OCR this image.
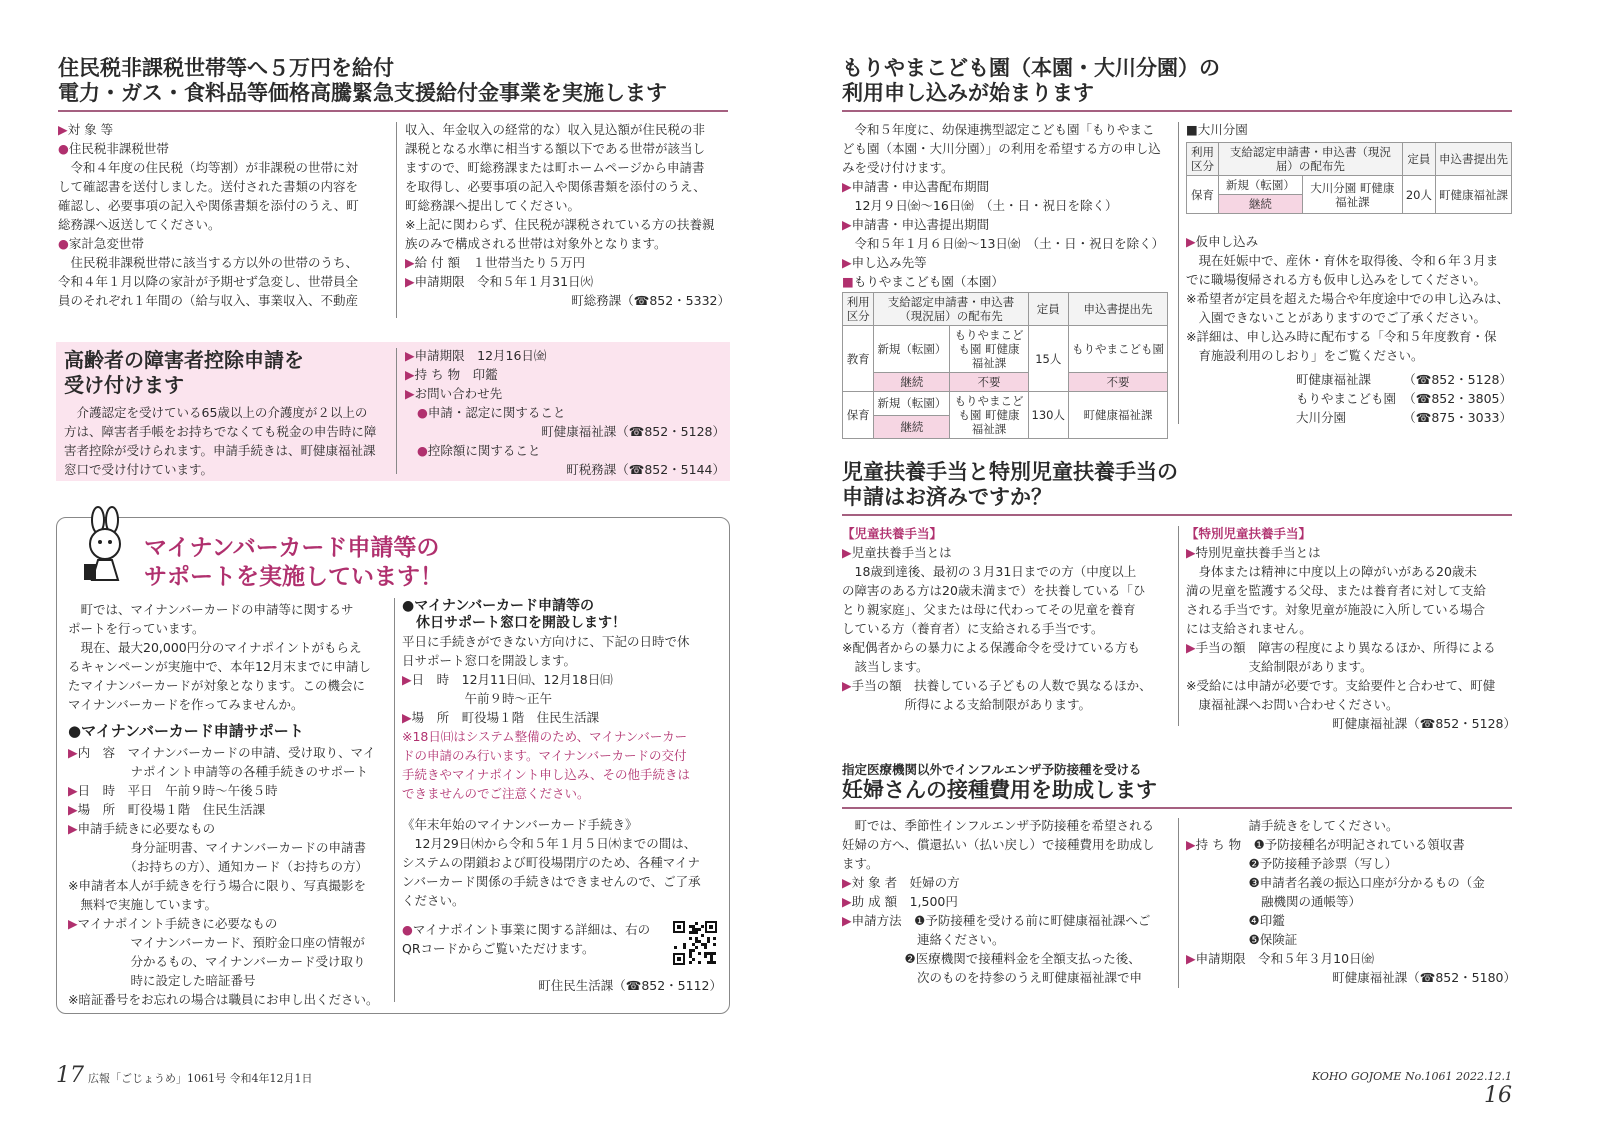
住民税非課税世帯等へ５万円を給付
電力・ガス・食料品等価格高騰緊急支援給付金事業を実施します

▶対 象 等

●住民税非課税世帯

　令和４年度の住民税（均等割）が非課税の世帯に対

して確認書を送付しました。送付された書類の内容を

確認し、必要事項の記入や関係書類を添付のうえ、町

総務課へ返送してください。

●家計急変世帯

　住民税非課税世帯に該当する方以外の世帯のうち、

令和４年１月以降の家計が予期せず急変し、世帯員全

員のそれぞれ１年間の（給与収入、事業収入、不動産

収入、年金収入の経常的な）収入見込額が住民税の非

課税となる水準に相当する額以下である世帯が該当し

ますので、町総務課または町ホームページから申請書

を取得し、必要事項の記入や関係書類を添付のうえ、

町総務課へ提出してください。

※上記に関わらず、住民税が課税されている方の扶養親

族のみで構成される世帯は対象外となります。

▶給 付 額　１世帯当たり５万円

▶申請期限　令和５年１月31日㈫

町総務課（☎852・5332）

高齢者の障害者控除申請を
受け付けます

　介護認定を受けている65歳以上の介護度が２以上の

方は、障害者手帳をお持ちでなくても税金の申告時に障

害者控除が受けられます。申請手続きは、町健康福祉課

窓口で受け付けています。

▶申請期限　12月16日㈮

▶持 ち 物　印鑑

▶お問い合わせ先

●申請・認定に関すること

町健康福祉課（☎852・5128）

●控除額に関すること

町税務課（☎852・5144）

マイナンバーカード申請等の
サポートを実施しています！

　町では、マイナンバーカードの申請等に関するサ

ポートを行っています。

　現在、最大20,000円分のマイナポイントがもらえ

るキャンペーンが実施中で、本年12月末までに申請し

たマイナンバーカードが対象となります。この機会に

マイナンバーカードを作ってみませんか。

●マイナンバーカード申請サポート

▶内　容　マイナンバーカードの申請、受け取り、マイ

　　　　　ナポイント申請等の各種手続きのサポート

▶日　時　平日　午前９時～午後５時

▶場　所　町役場１階　住民生活課

▶申請手続きに必要なもの

　　　　　身分証明書、マイナンバーカードの申請書

　　　　　（お持ちの方）、通知カード（お持ちの方）

※申請者本人が手続きを行う場合に限り、写真撮影を

　無料で実施しています。

▶マイナポイント手続きに必要なもの

　　　　　マイナンバーカード、預貯金口座の情報が

　　　　　分かるもの、マイナンバーカード受け取り

　　　　　時に設定した暗証番号

※暗証番号をお忘れの場合は職員にお申し出ください。

●マイナンバーカード申請等の

休日サポート窓口を開設します！

平日に手続きができない方向けに、下記の日時で休

日サポート窓口を開設します。

▶日　時　12月11日㈰、12月18日㈰

　　　　　午前９時～正午

▶場　所　町役場１階　住民生活課

※18日㈰はシステム整備のため、マイナンバーカー

ドの申請のみ行います。マイナンバーカードの交付

手続きやマイナポイント申し込み、その他手続きは

できませんのでご注意ください。

《年末年始のマイナンバーカード手続き》

　12月29日㈭から令和５年１月５日㈭までの間は、

システムの閉鎖および町役場閉庁のため、各種マイナ

ンバーカード関係の手続きはできませんので、ご了承

ください。

●マイナポイント事業に関する詳細は、右の

QRコードからご覧いただけます。

町住民生活課（☎852・5112）

17 広報「ごじょうめ」1061号 令和4年12月1日
もりやまこども園（本園・大川分園）の
利用申し込みが始まります

　令和５年度に、幼保連携型認定こども園「もりやまこ

ども園（本園・大川分園）」の利用を希望する方の申し込

みを受け付けます。

▶申請書・申込書配布期間

　12月９日㈮～16日㈮　（土・日・祝日を除く）

▶申請書・申込書提出期間

　令和５年１月６日㈮～13日㈮　（土・日・祝日を除く）

▶申し込み先等

■もりやまこども園（本園）

利用区分	支給認定申請書・申込書（現況届）の配布先		定員	申込書提出先
教育	新規（転園）	もりやまこども園 町健康福祉課	15人	もりやまこども園
	継続	不要		不要
保育	新規（転園）	もりやまこども園 町健康福祉課	130人	町健康福祉課
	継続			
■大川分園
利用区分	支給認定申請書・申込書（現況届）の配布先		定員	申込書提出先
保育	新規（転園）	大川分園 町健康福祉課	20人	町健康福祉課
	継続			

▶仮申し込み

　現在妊娠中で、産休・育休を取得後、令和６年３月ま

でに職場復帰される方も仮申し込みをしてください。

※希望者が定員を超えた場合や年度途中での申し込みは、

　入園できないことがありますのでご了承ください。

※詳細は、申し込み時に配布する「令和５年度教育・保

　育施設利用のしおり」をご覧ください。

町健康福祉課	（☎852・5128）

もりやまこども園 （☎852・3805）

大川分園	（☎875・3033）

児童扶養手当と特別児童扶養手当の
申請はお済みですか？

【児童扶養手当】

▶児童扶養手当とは

　18歳到達後、最初の３月31日までの方（中度以上

の障害のある方は20歳未満まで）を扶養している「ひ

とり親家庭」、父または母に代わってその児童を養育

している方（養育者）に支給される手当です。

※配偶者からの暴力による保護命令を受けている方も

　該当します。

▶手当の額　扶養している子どもの人数で異なるほか、

　　　　　所得による支給制限があります。

【特別児童扶養手当】

▶特別児童扶養手当とは

　身体または精神に中度以上の障がいがある20歳未

満の児童を監護する父母、または養育者に対して支給

される手当です。対象児童が施設に入所している場合

には支給されません。

▶手当の額　障害の程度により異なるほか、所得による

　　　　　支給制限があります。

※受給には申請が必要です。支給要件と合わせて、町健

　康福祉課へお問い合わせください。

町健康福祉課（☎852・5128）

指定医療機関以外でインフルエンザ予防接種を受ける
妊婦さんの接種費用を助成します

　町では、季節性インフルエンザ予防接種を希望される

妊婦の方へ、償還払い（払い戻し）で接種費用を助成し

ます。

▶対 象 者　妊婦の方

▶助 成 額　1,500円

▶申請方法　❶予防接種を受ける前に町健康福祉課へご

　　　　　　連絡ください。

　　　　　❷医療機関で接種料金を全額支払った後、

　　　　　　次のものを持参のうえ町健康福祉課で申

　　　　　請手続きをしてください。

▶持 ち 物　❶予防接種名が明記されている領収書

　　　　　❷予防接種予診票（写し）

　　　　　❸申請者名義の振込口座が分かるもの（金

　　　　　　融機関の通帳等）

　　　　　❹印鑑

　　　　　❺保険証

▶申請期限　令和５年３月10日㈮

町健康福祉課（☎852・5180）

KOHO GOJOME No.1061 2022.12.1 16
